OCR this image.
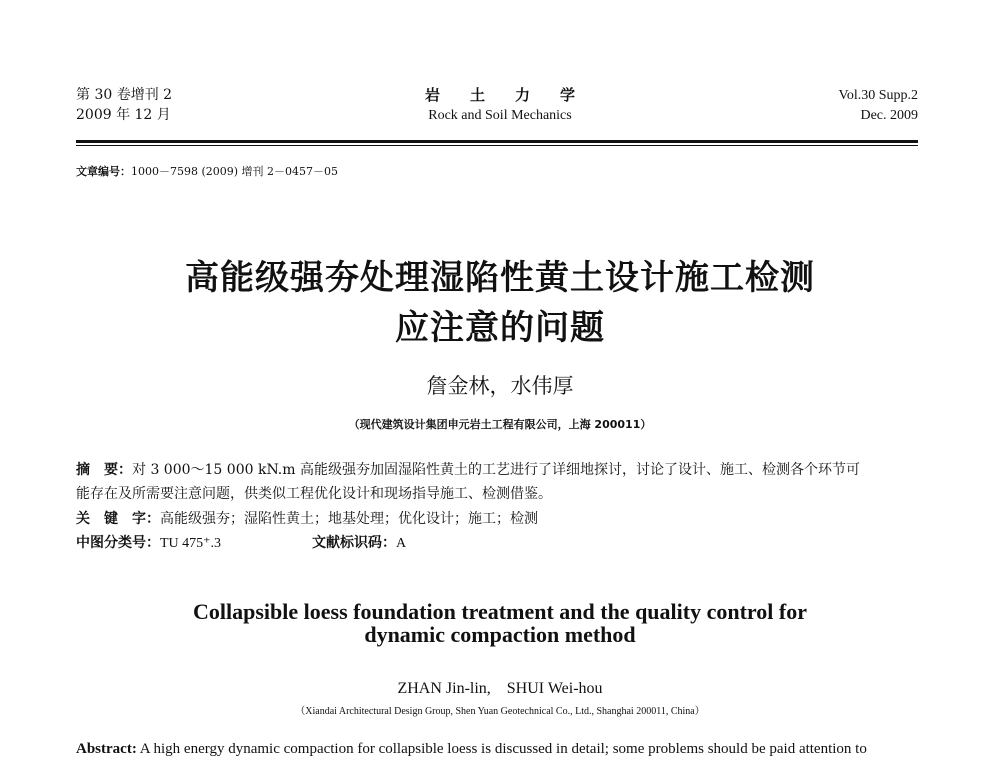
第 30 卷增刊 2
2009 年 12 月
岩　　土　　力　　学
Rock and Soil Mechanics
Vol.30 Supp.2
Dec. 2009
文章编号：1000－7598 (2009) 增刊 2－0457－05
高能级强夯处理湿陷性黄土设计施工检测
应注意的问题
詹金林，水伟厚
（现代建筑设计集团申元岩土工程有限公司，上海 200011）
摘　要：对 3 000～15 000 kN.m 高能级强夯加固湿陷性黄土的工艺进行了详细地探讨，讨论了设计、施工、检测各个环节可
能存在及所需要注意问题，供类似工程优化设计和现场指导施工、检测借鉴。
关　键　字：高能级强夯；湿陷性黄土；地基处理；优化设计；施工；检测
中图分类号：TU 475⁺.3	文献标识码：A
Collapsible loess foundation treatment and the quality control for
dynamic compaction method
ZHAN Jin-lin,　SHUI Wei-hou
（Xiandai Architectural Design Group, Shen Yuan Geotechnical Co., Ltd., Shanghai 200011, China）
Abstract: A high energy dynamic compaction for collapsible loess is discussed in detail; some problems should be paid attention to
